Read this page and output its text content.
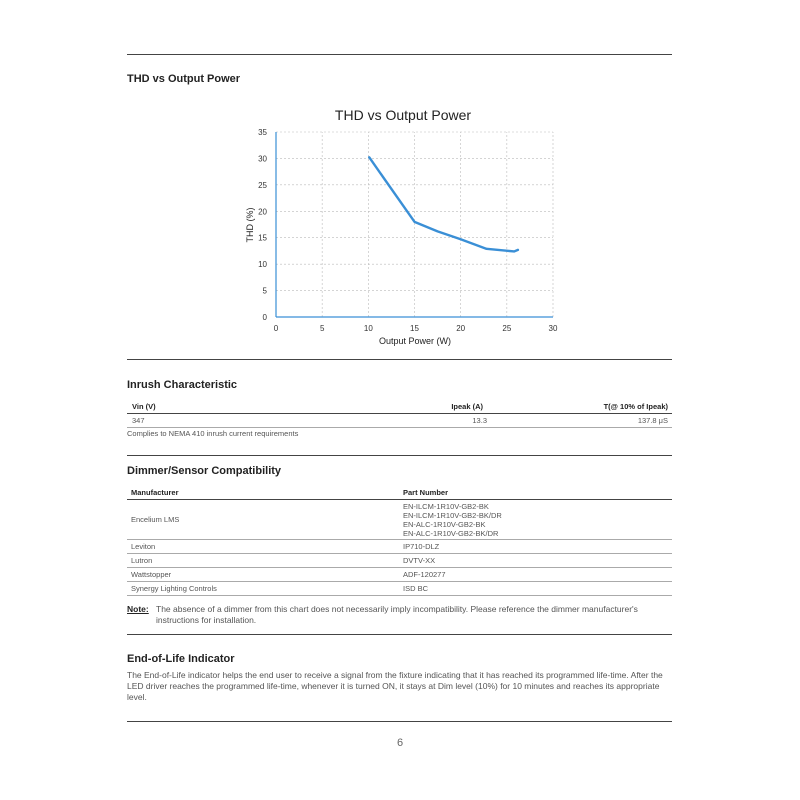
THD vs Output Power
THD vs Output Power
0	5	10	15	20	25	30
0
5
10
15
20
25
30
35
Output Power (W)
THD (%)
Inrush Characteristic
Vin (V)	Ipeak (A)	T(@ 10% of Ipeak)
347	13.3	137.8 μS
Complies to NEMA 410 inrush current requirements
Dimmer/Sensor Compatibility
Manufacturer	Part Number
Encelium LMS	EN-ILCM-1R10V-GB2-BK
EN-ILCM-1R10V-GB2-BK/DR
EN-ALC-1R10V-GB2-BK
EN-ALC-1R10V-GB2-BK/DR

Leviton	IP710-DLZ
Lutron	DVTV-XX
Wattstopper	ADF-120277
Synergy Lighting Controls	ISD BC
Note: The absence of a dimmer from this chart does not necessarily imply incompatibility. Please reference the dimmer manufacturer's instructions for installation.
End-of-Life Indicator
The End-of-Life indicator helps the end user to receive a signal from the fixture indicating that it has reached its programmed life-time. After the LED driver reaches the programmed life-time, whenever it is turned ON, it stays at Dim level (10%) for 10 minutes and reaches its appropriate level.
6
